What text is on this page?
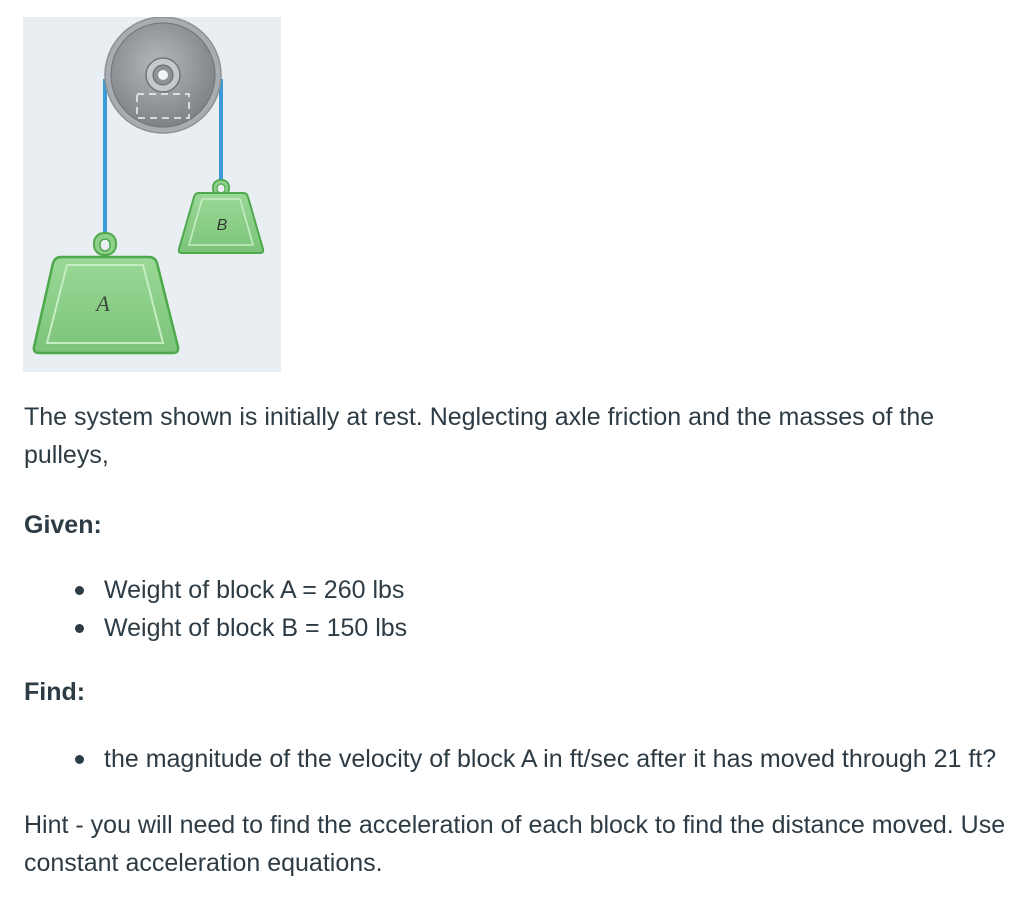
A
B

The system shown is initially at rest. Neglecting axle friction and the masses of the pulleys,

Given:

Weight of block A = 260 lbs
Weight of block B = 150 lbs

Find:

the magnitude of the velocity of block A in ft/sec after it has moved through 21 ft?

Hint - you will need to find the acceleration of each block to find the distance moved. Use constant acceleration equations.
